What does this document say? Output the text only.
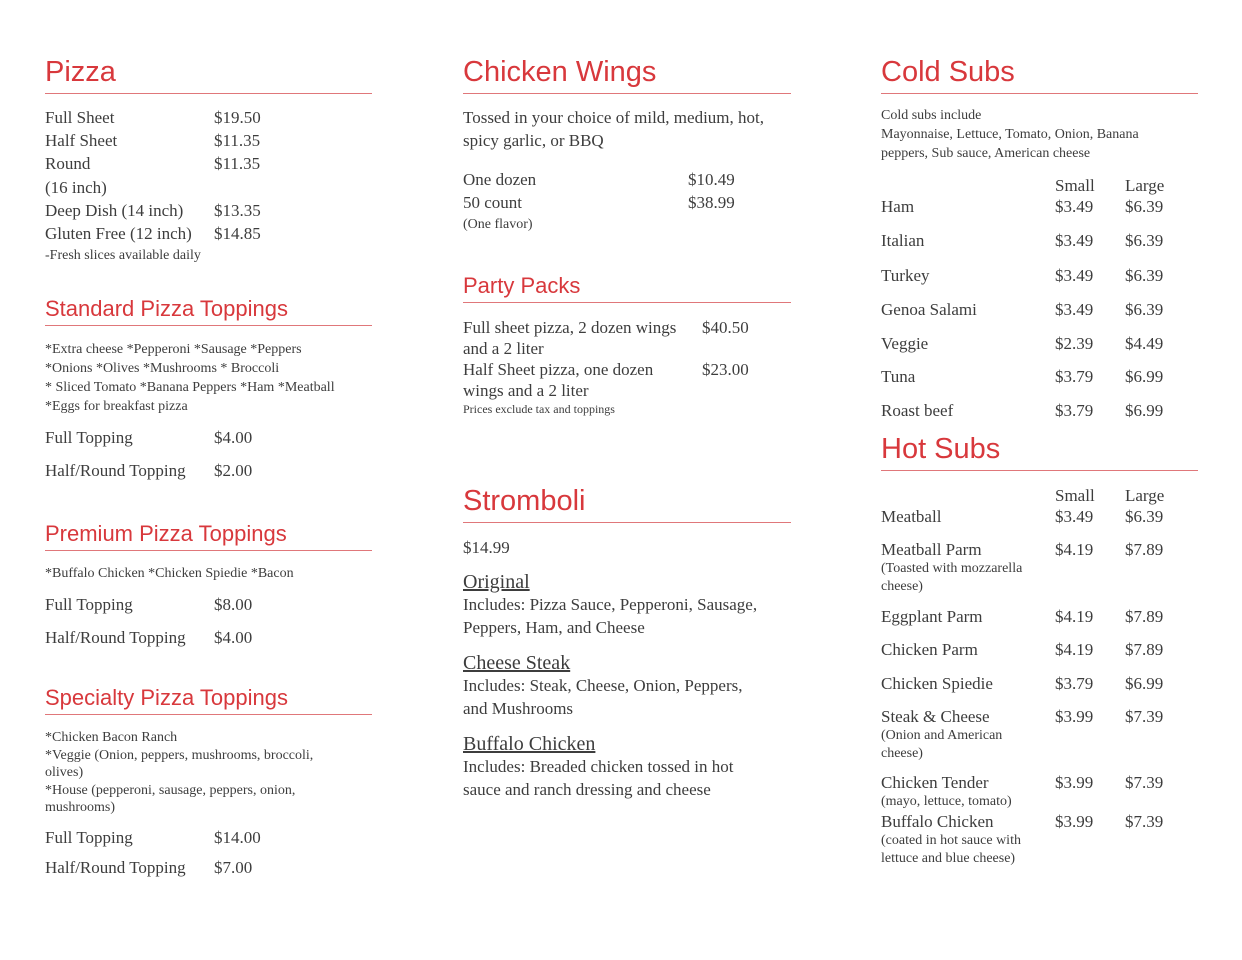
Pizza
Full Sheet	$19.50
Half Sheet	$11.35
Round	$11.35
(16 inch)
Deep Dish (14 inch) $13.35
Gluten Free (12 inch) $14.85
-Fresh slices available daily
Standard Pizza Toppings
*Extra cheese *Pepperoni *Sausage *Peppers
*Onions *Olives *Mushrooms * Broccoli
* Sliced Tomato *Banana Peppers *Ham *Meatball
*Eggs for breakfast pizza
Full Topping	$4.00
Half/Round Topping $2.00
Premium Pizza Toppings
*Buffalo Chicken *Chicken Spiedie *Bacon
Full Topping	$8.00
Half/Round Topping $4.00
Specialty Pizza Toppings
*Chicken Bacon Ranch
*Veggie (Onion, peppers, mushrooms, broccoli,
olives)
*House (pepperoni, sausage, peppers, onion,
mushrooms)
Full Topping	$14.00
Half/Round Topping $7.00
Chicken Wings
Tossed in your choice of mild, medium, hot,
spicy garlic, or BBQ
One dozen	$10.49
50 count	$38.99
(One flavor)
Party Packs
Full sheet pizza, 2 dozen wings $40.50
and a 2 liter
Half Sheet pizza, one dozen	$23.00
wings and a 2 liter
Prices exclude tax and toppings
Stromboli
$14.99
Original
Includes: Pizza Sauce, Pepperoni, Sausage,
Peppers, Ham, and Cheese
Cheese Steak
Includes: Steak, Cheese, Onion, Peppers,
and Mushrooms
Buffalo Chicken
Includes: Breaded chicken tossed in hot
sauce and ranch dressing and cheese
Cold Subs
Cold subs include
Mayonnaise, Lettuce, Tomato, Onion, Banana
peppers, Sub sauce, American cheese
Small Large
Ham	$3.49 $6.39
Italian	$3.49 $6.39
Turkey	$3.49 $6.39
Genoa Salami	$3.49 $6.39
Veggie	$2.39 $4.49
Tuna	$3.79 $6.99
Roast beef	$3.79 $6.99
Hot Subs
Small Large
Meatball	$3.49 $6.39
Meatball Parm	$4.19 $7.89
(Toasted with mozzarella
cheese)
Eggplant Parm	$4.19 $7.89
Chicken Parm	$4.19 $7.89
Chicken Spiedie	$3.79 $6.99
Steak & Cheese	$3.99 $7.39
(Onion and American
cheese)
Chicken Tender	$3.99 $7.39
(mayo, lettuce, tomato)
Buffalo Chicken	$3.99 $7.39
(coated in hot sauce with
lettuce and blue cheese)
